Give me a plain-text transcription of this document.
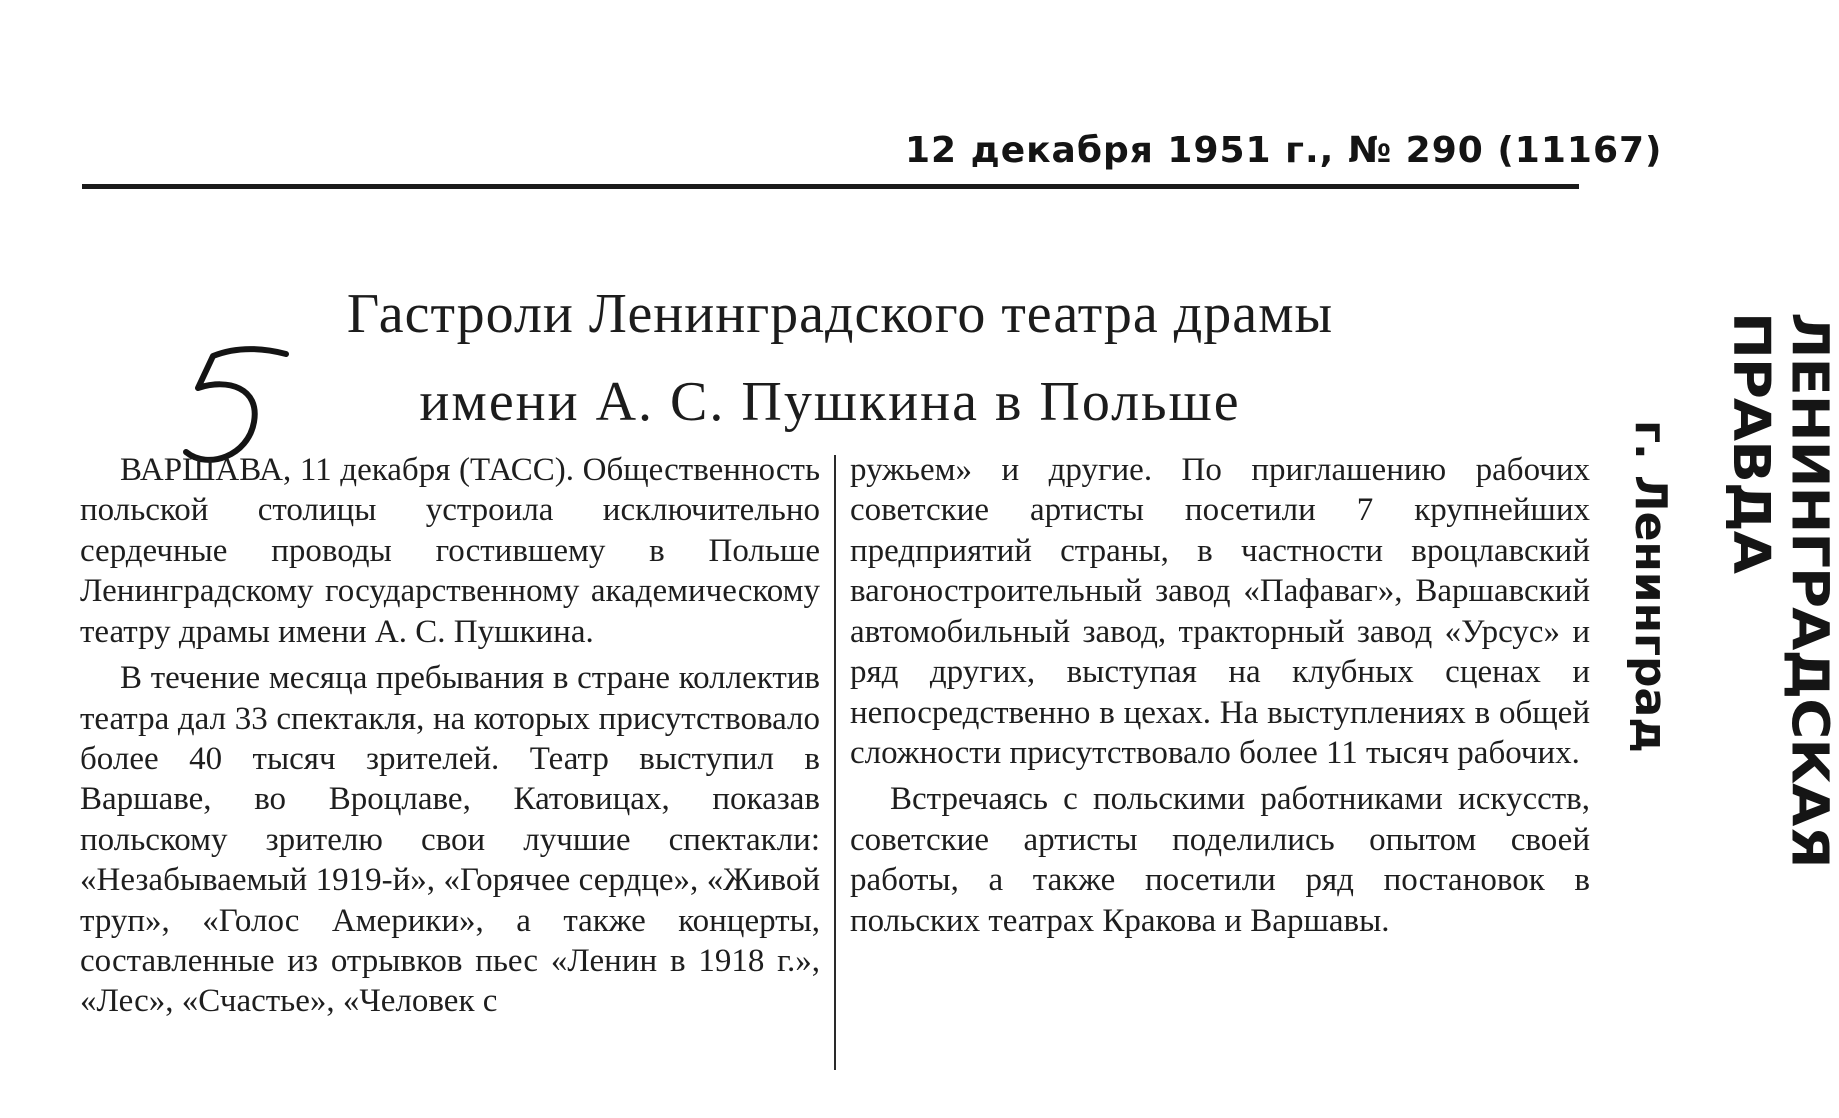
12 декабря 1951 г., № 290 (11167)
Гастроли Ленинградского театра драмы
имени А. С. Пушкина в Польше

ВАРШАВА, 11 декабря (ТАСС). Общественность польской столицы устроила исключительно сердечные проводы гостившему в Польше Ленинградскому государственному академическому театру драмы имени А. С. Пушкина.

В течение месяца пребывания в стране коллектив театра дал 33 спектакля, на которых присутствовало более 40 тысяч зрителей. Театр выступил в Варшаве, во Вроцлаве, Катовицах, показав польскому зрителю свои лучшие спектакли: «Незабываемый 1919-й», «Горячее сердце», «Живой труп», «Голос Америки», а также концерты, составленные из отрывков пьес «Ленин в 1918 г.», «Лес», «Счастье», «Человек с

ружьем» и другие. По приглашению рабочих советские артисты посетили 7 крупнейших предприятий страны, в частности вроцлавский вагоностроительный завод «Пафаваг», Варшавский автомобильный завод, тракторный завод «Урсус» и ряд других, выступая на клубных сценах и непосредственно в цехах. На выступлениях в общей сложности присутствовало более 11 тысяч рабочих.

Встречаясь с польскими работниками искусств, советские артисты поделились опытом своей работы, а также посетили ряд постановок в польских театрах Кракова и Варшавы.

ЛЕНИНГРАДСКАЯ ПРАВДА
г. Ленинград
